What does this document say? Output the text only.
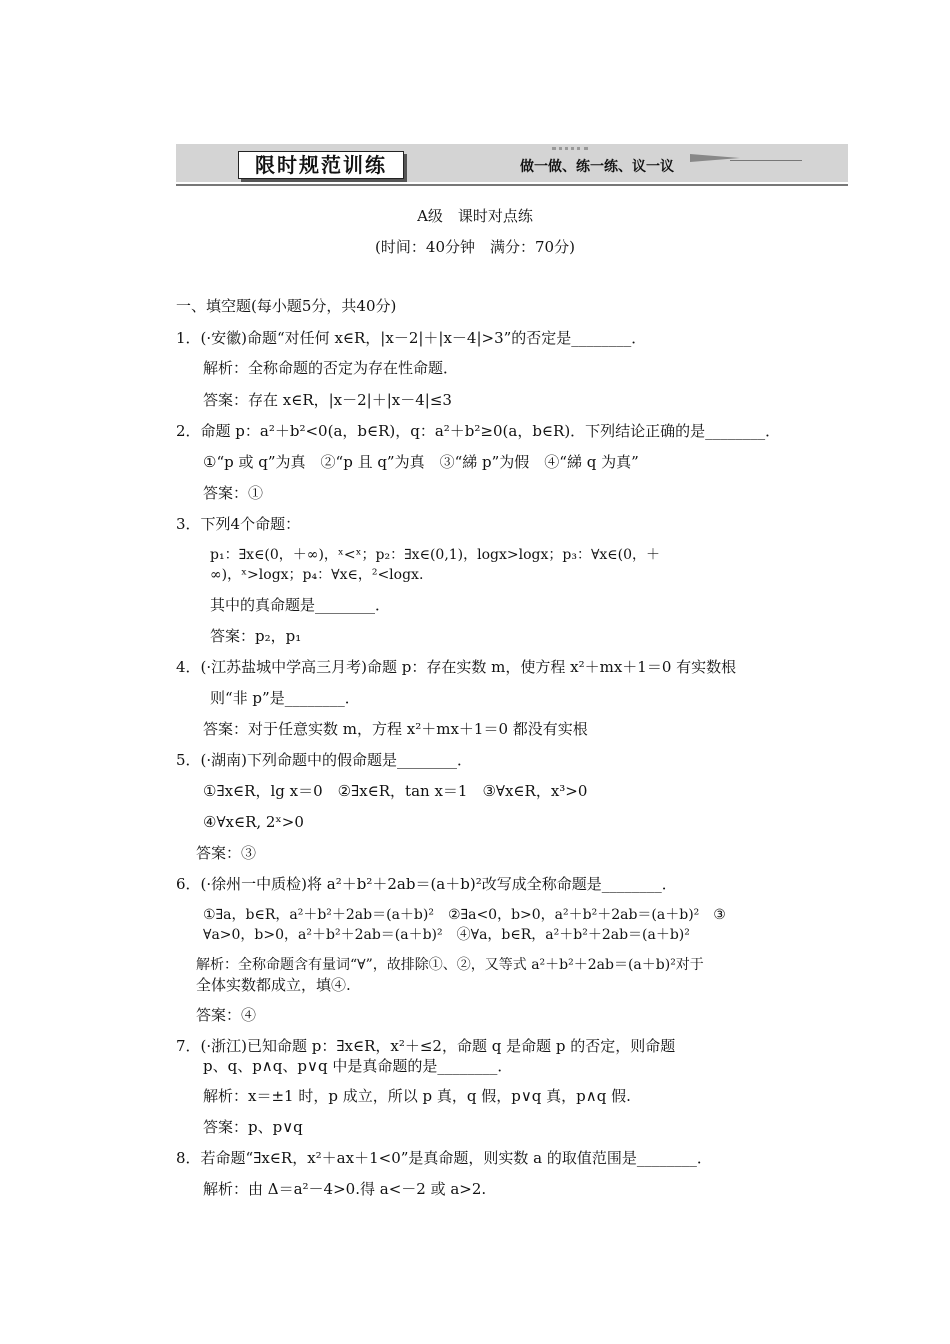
限时规范训练	做一做、练一练、议一议
A级　课时对点练
(时间：40分钟　满分：70分)
一、填空题(每小题5分，共40分)
1．(·安徽)命题“对任何 x∈R，|x－2|＋|x－4|>3”的否定是________．
解析：全称命题的否定为存在性命题．
答案：存在 x∈R，|x－2|＋|x－4|≤3
2．命题 p：a²＋b²<0(a，b∈R)，q：a²＋b²≥0(a，b∈R)．下列结论正确的是________．
①“p 或 q”为真　②“p 且 q”为真　③“綈 p”为假　④“綈 q 为真”
答案：①
3．下列4个命题：
p₁：∃x∈(0，＋∞)，ˣ<ˣ；p₂：∃x∈(0,1)，logx>logx；p₃：∀x∈(0，＋
∞)，ˣ>logx；p₄：∀x∈，²<logx.
其中的真命题是________．
答案：p₂，p₁
4．(·江苏盐城中学高三月考)命题 p：存在实数 m，使方程 x²＋mx＋1＝0 有实数根
则“非 p”是________．
答案：对于任意实数 m，方程 x²＋mx＋1＝0 都没有实根
5．(·湖南)下列命题中的假命题是________．
①∃x∈R，lg x＝0　②∃x∈R，tan x＝1　③∀x∈R，x³>0
④∀x∈R, 2ˣ>0
答案：③
6．(·徐州一中质检)将 a²＋b²＋2ab＝(a＋b)²改写成全称命题是________．
①∃a，b∈R，a²＋b²＋2ab＝(a＋b)²　②∃a<0，b>0，a²＋b²＋2ab＝(a＋b)²　③
∀a>0，b>0，a²＋b²＋2ab＝(a＋b)²　④∀a，b∈R，a²＋b²＋2ab＝(a＋b)²
解析：全称命题含有量词“∀”，故排除①、②，又等式 a²＋b²＋2ab＝(a＋b)²对于
全体实数都成立，填④.
答案：④
7．(·浙江)已知命题 p：∃x∈R，x²＋≤2，命题 q 是命题 p 的否定，则命题
p、q、p∧q、p∨q 中是真命题的是________．
解析：x＝±1 时，p 成立，所以 p 真，q 假，p∨q 真，p∧q 假.
答案：p、p∨q
8．若命题“∃x∈R，x²＋ax＋1<0”是真命题，则实数 a 的取值范围是________．
解析：由 Δ＝a²－4>0.得 a<－2 或 a>2.
